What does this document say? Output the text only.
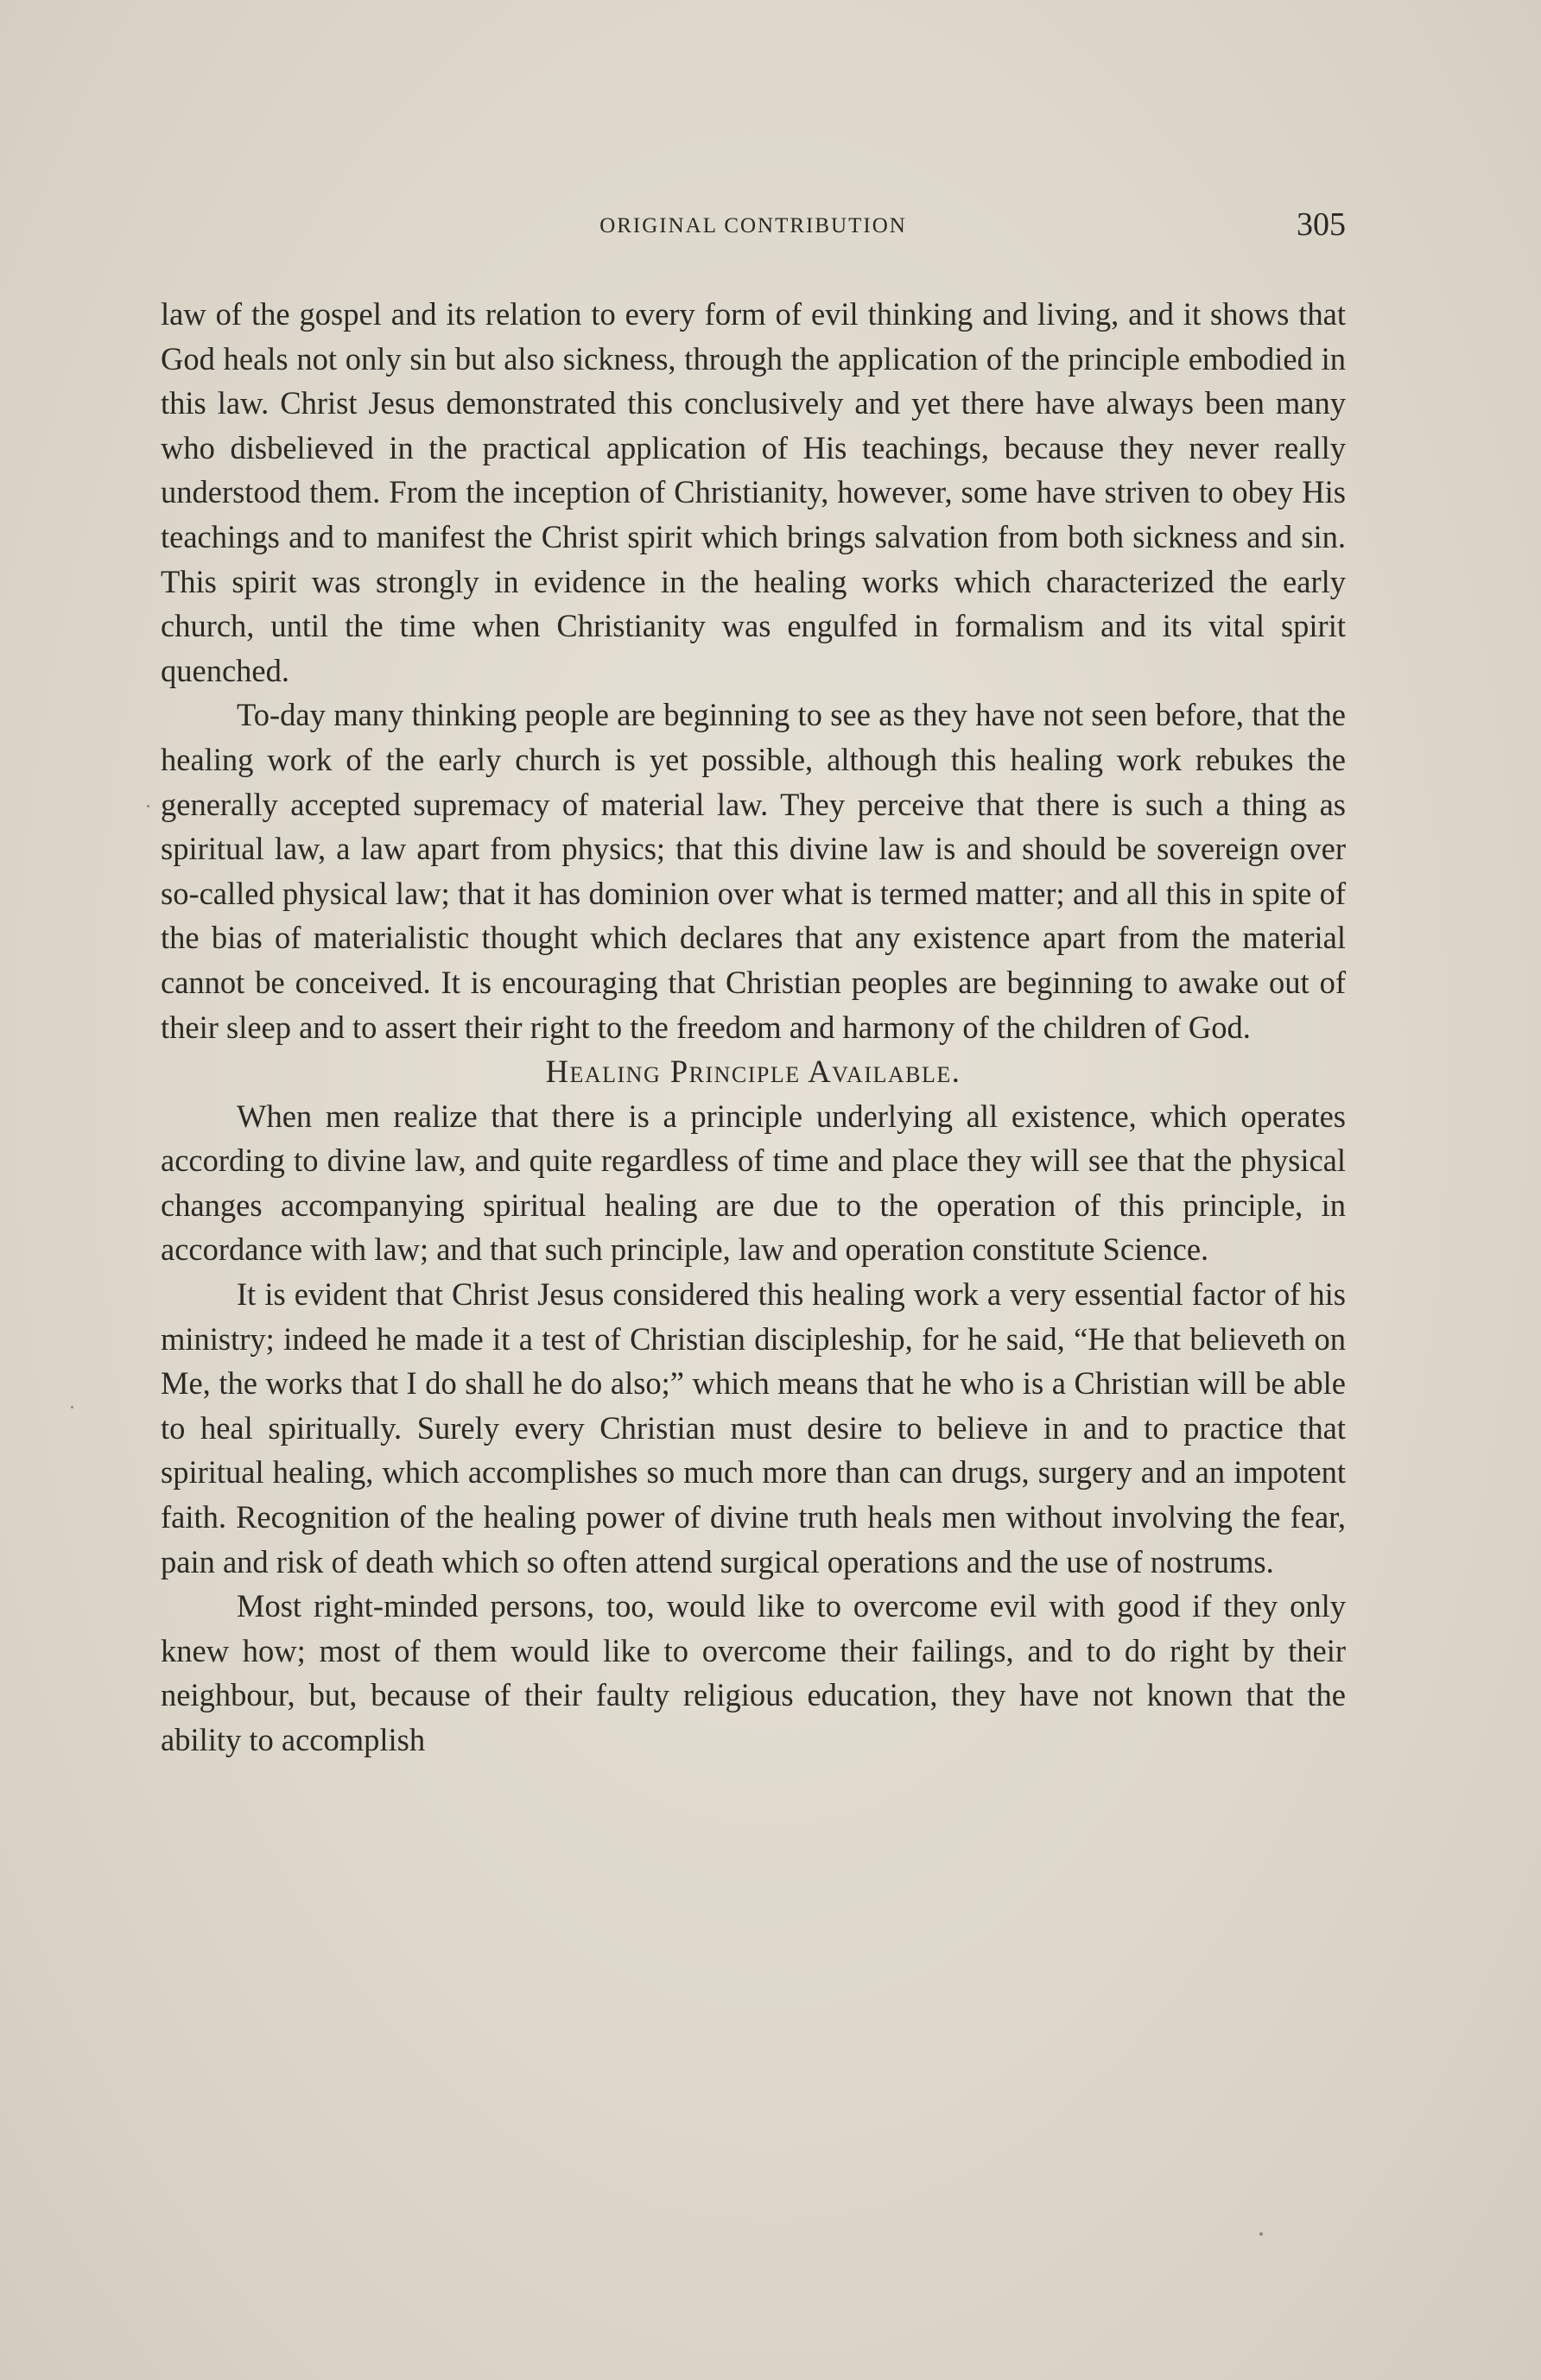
ORIGINAL CONTRIBUTION	305

law of the gospel and its relation to every form of evil thinking and living, and it shows that God heals not only sin but also sickness, through the application of the principle embodied in this law. Christ Jesus demonstrated this conclusively and yet there have always been many who disbelieved in the practical application of His teachings, because they never really understood them. From the inception of Christianity, however, some have striven to obey His teachings and to manifest the Christ spirit which brings salvation from both sickness and sin. This spirit was strongly in evidence in the healing works which characterized the early church, until the time when Christianity was engulfed in formalism and its vital spirit quenched.

To-day many thinking people are beginning to see as they have not seen before, that the healing work of the early church is yet possible, although this healing work rebukes the generally accepted supremacy of material law. They perceive that there is such a thing as spiritual law, a law apart from physics; that this divine law is and should be sovereign over so-called physical law; that it has dominion over what is termed matter; and all this in spite of the bias of materialistic thought which declares that any existence apart from the material cannot be conceived. It is encouraging that Christian peoples are beginning to awake out of their sleep and to assert their right to the freedom and harmony of the children of God.

Healing Principle Available.

When men realize that there is a principle underlying all existence, which operates according to divine law, and quite regardless of time and place they will see that the physical changes accompanying spiritual healing are due to the operation of this principle, in accordance with law; and that such principle, law and operation constitute Science.

It is evident that Christ Jesus considered this healing work a very essential factor of his ministry; indeed he made it a test of Christian discipleship, for he said, “He that believeth on Me, the works that I do shall he do also;” which means that he who is a Christian will be able to heal spiritually. Surely every Christian must desire to believe in and to practice that spiritual healing, which accomplishes so much more than can drugs, surgery and an impotent faith. Recognition of the healing power of divine truth heals men without involving the fear, pain and risk of death which so often attend surgical operations and the use of nostrums.

Most right-minded persons, too, would like to overcome evil with good if they only knew how; most of them would like to overcome their failings, and to do right by their neighbour, but, because of their faulty religious education, they have not known that the ability to accomplish
